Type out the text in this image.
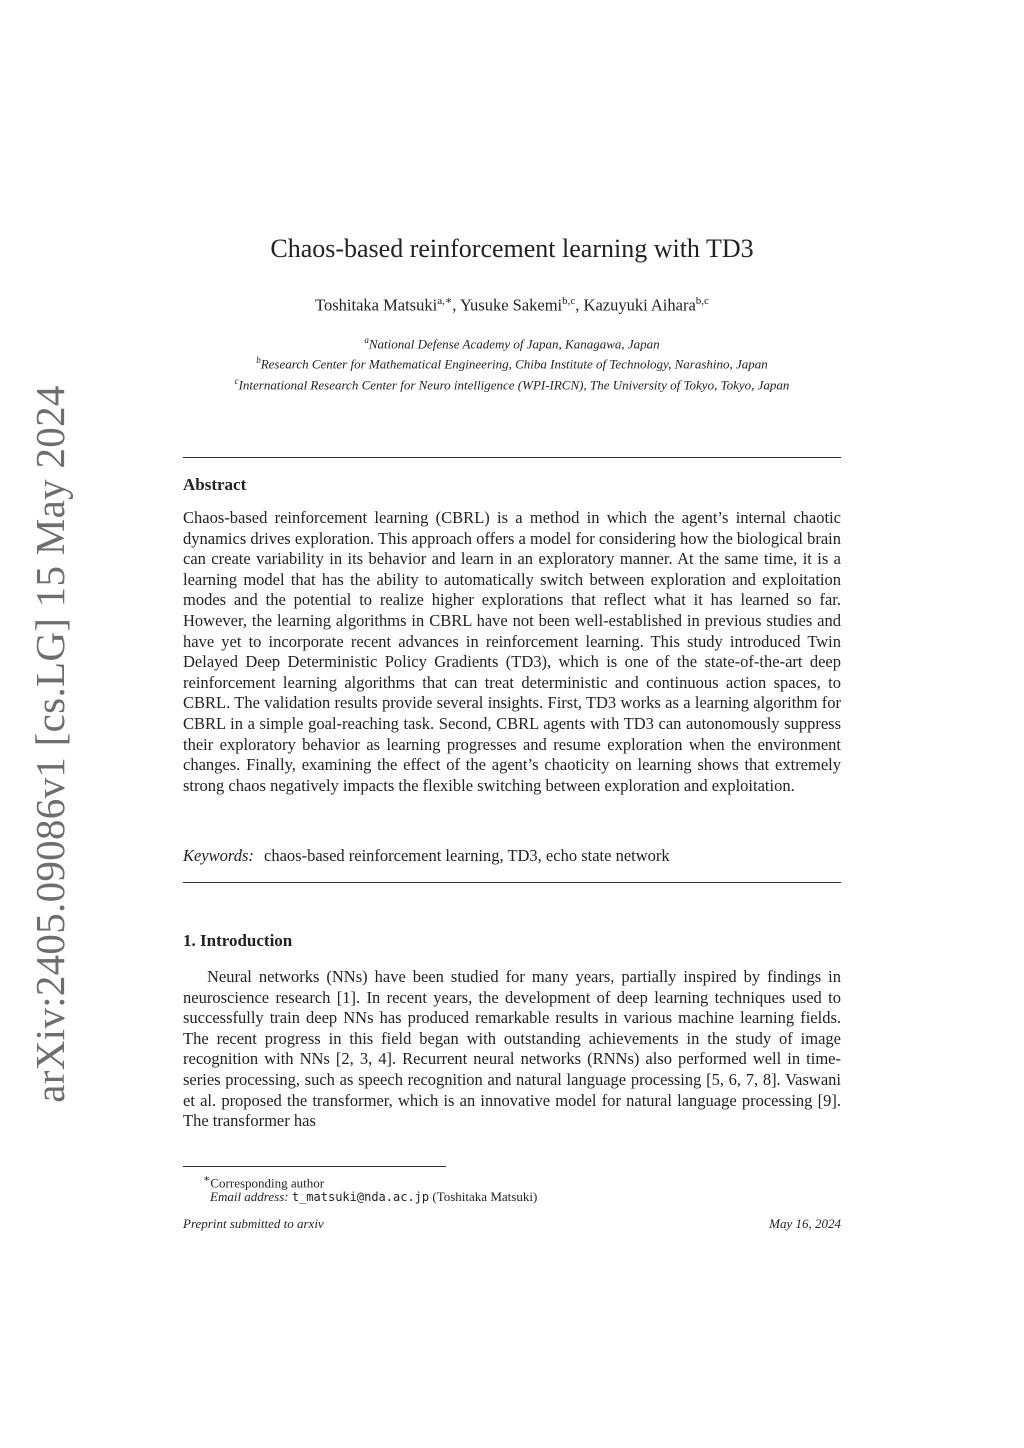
arXiv:2405.09086v1 [cs.LG] 15 May 2024
Chaos-based reinforcement learning with TD3
Toshitaka Matsuki$^{a,∗}$, Yusuke Sakemi$^{b,c}$, Kazuyuki Aihara$^{b,c}$
$^a$National Defense Academy of Japan, Kanagawa, Japan
$^b$Research Center for Mathematical Engineering, Chiba Institute of Technology, Narashino, Japan
$^c$International Research Center for Neuro intelligence (WPI-IRCN), The University of Tokyo, Tokyo, Japan
Abstract
Chaos-based reinforcement learning (CBRL) is a method in which the agent’s internal chaotic dynamics drives exploration. This approach offers a model for considering how the biological brain can create variability in its behavior and learn in an exploratory manner. At the same time, it is a learning model that has the ability to automatically switch between exploration and exploitation modes and the potential to realize higher explorations that reflect what it has learned so far. However, the learning algorithms in CBRL have not been well-established in previous studies and have yet to incorporate recent advances in reinforcement learning. This study introduced Twin Delayed Deep Deterministic Policy Gradients (TD3), which is one of the state-of-the-art deep reinforcement learning algorithms that can treat deterministic and continuous action spaces, to CBRL. The validation results provide several insights. First, TD3 works as a learning algorithm for CBRL in a simple goal-reaching task. Second, CBRL agents with TD3 can autonomously suppress their exploratory behavior as learning progresses and resume exploration when the environment changes. Finally, examining the effect of the agent’s chaoticity on learning shows that extremely strong chaos negatively impacts the flexible switching between exploration and exploitation.
Keywords: chaos-based reinforcement learning, TD3, echo state network
1. Introduction
Neural networks (NNs) have been studied for many years, partially inspired by findings in neuroscience research [1]. In recent years, the development of deep learning techniques used to successfully train deep NNs has produced remarkable results in various machine learning fields. The recent progress in this field began with outstanding achievements in the study of image recognition with NNs [2, 3, 4]. Recurrent neural networks (RNNs) also performed well in time-series processing, such as speech recognition and natural language processing [5, 6, 7, 8]. Vaswani et al. proposed the transformer, which is an innovative model for natural language processing [9]. The transformer has
∗Corresponding author
Email address: t_matsuki@nda.ac.jp (Toshitaka Matsuki)
Preprint submitted to arxiv	May 16, 2024
